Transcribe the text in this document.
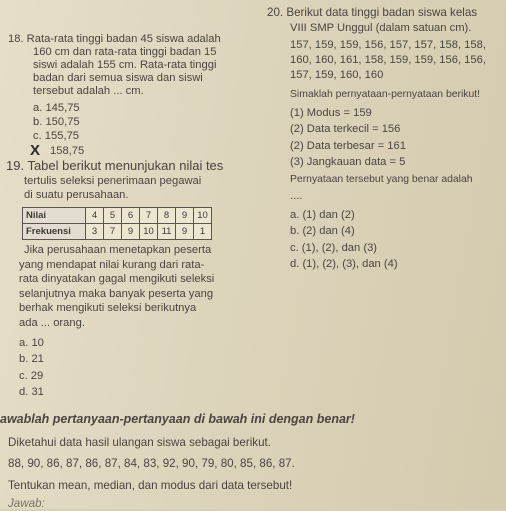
18. Rata-rata tinggi badan 45 siswa adalah
160 cm dan rata-rata tinggi badan 15
siswi adalah 155 cm. Rata-rata tinggi
badan dari semua siswa dan siswi
tersebut adalah ... cm.
a. 145,75
b. 150,75
c. 155,75
X 158,75
19. Tabel berikut menunjukan nilai tes
tertulis seleksi penerimaan pegawai
di suatu perusahaan.
Nilai	4	5	6	7	8	9	10
Frekuensi	3	7	9	10	11	9	1
Jika perusahaan menetapkan peserta
yang mendapat nilai kurang dari rata-
rata dinyatakan gagal mengikuti seleksi
selanjutnya maka banyak peserta yang
berhak mengikuti seleksi berikutnya
ada ... orang.
a. 10
b. 21
c. 29
d. 31
20. Berikut data tinggi badan siswa kelas
VIII SMP Unggul (dalam satuan cm).
157, 159, 159, 156, 157, 157, 158, 158,
160, 160, 161, 158, 159, 159, 156, 156,
157, 159, 160, 160
Simaklah pernyataan-pernyataan berikut!
(1) Modus = 159
(2) Data terkecil = 156
(2) Data terbesar = 161
(3) Jangkauan data = 5
Pernyataan tersebut yang benar adalah
....
a. (1) dan (2)
b. (2) dan (4)
c. (1), (2), dan (3)
d. (1), (2), (3), dan (4)
awablah pertanyaan-pertanyaan di bawah ini dengan benar!
Diketahui data hasil ulangan siswa sebagai berikut.
88, 90, 86, 87, 86, 87, 84, 83, 92, 90, 79, 80, 85, 86, 87.
Tentukan mean, median, dan modus dari data tersebut!
Jawab:
